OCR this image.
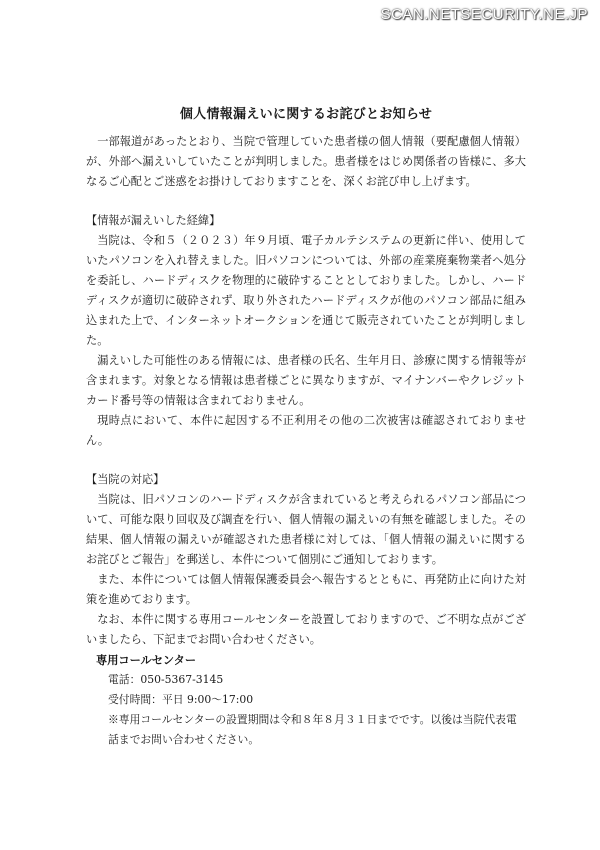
SCAN.NETSECURITY.NE.JP
個人情報漏えいに関するお詫びとお知らせ

一部報道があったとおり、当院で管理していた患者様の個人情報（要配慮個人情報）が、外部へ漏えいしていたことが判明しました。患者様をはじめ関係者の皆様に、多大なるご心配とご迷惑をお掛けしておりますことを、深くお詫び申し上げます。

【情報が漏えいした経緯】

当院は、令和５（２０２３）年９月頃、電子カルテシステムの更新に伴い、使用していたパソコンを入れ替えました。旧パソコンについては、外部の産業廃棄物業者へ処分を委託し、ハードディスクを物理的に破砕することとしておりました。しかし、ハードディスクが適切に破砕されず、取り外されたハードディスクが他のパソコン部品に組み込まれた上で、インターネットオークションを通じて販売されていたことが判明しました。

漏えいした可能性のある情報には、患者様の氏名、生年月日、診療に関する情報等が含まれます。対象となる情報は患者様ごとに異なりますが、マイナンバーやクレジットカード番号等の情報は含まれておりません。

現時点において、本件に起因する不正利用その他の二次被害は確認されておりません。

【当院の対応】

当院は、旧パソコンのハードディスクが含まれていると考えられるパソコン部品について、可能な限り回収及び調査を行い、個人情報の漏えいの有無を確認しました。その結果、個人情報の漏えいが確認された患者様に対しては、「個人情報の漏えいに関するお詫びとご報告」を郵送し、本件について個別にご通知しております。

また、本件については個人情報保護委員会へ報告するとともに、再発防止に向けた対策を進めております。

なお、本件に関する専用コールセンターを設置しておりますので、ご不明な点がございましたら、下記までお問い合わせください。

専用コールセンター
電話：050-5367-3145
受付時間：平日 9:00～17:00
※専用コールセンターの設置期間は令和８年８月３１日までです。以後は当院代表電話までお問い合わせください。
